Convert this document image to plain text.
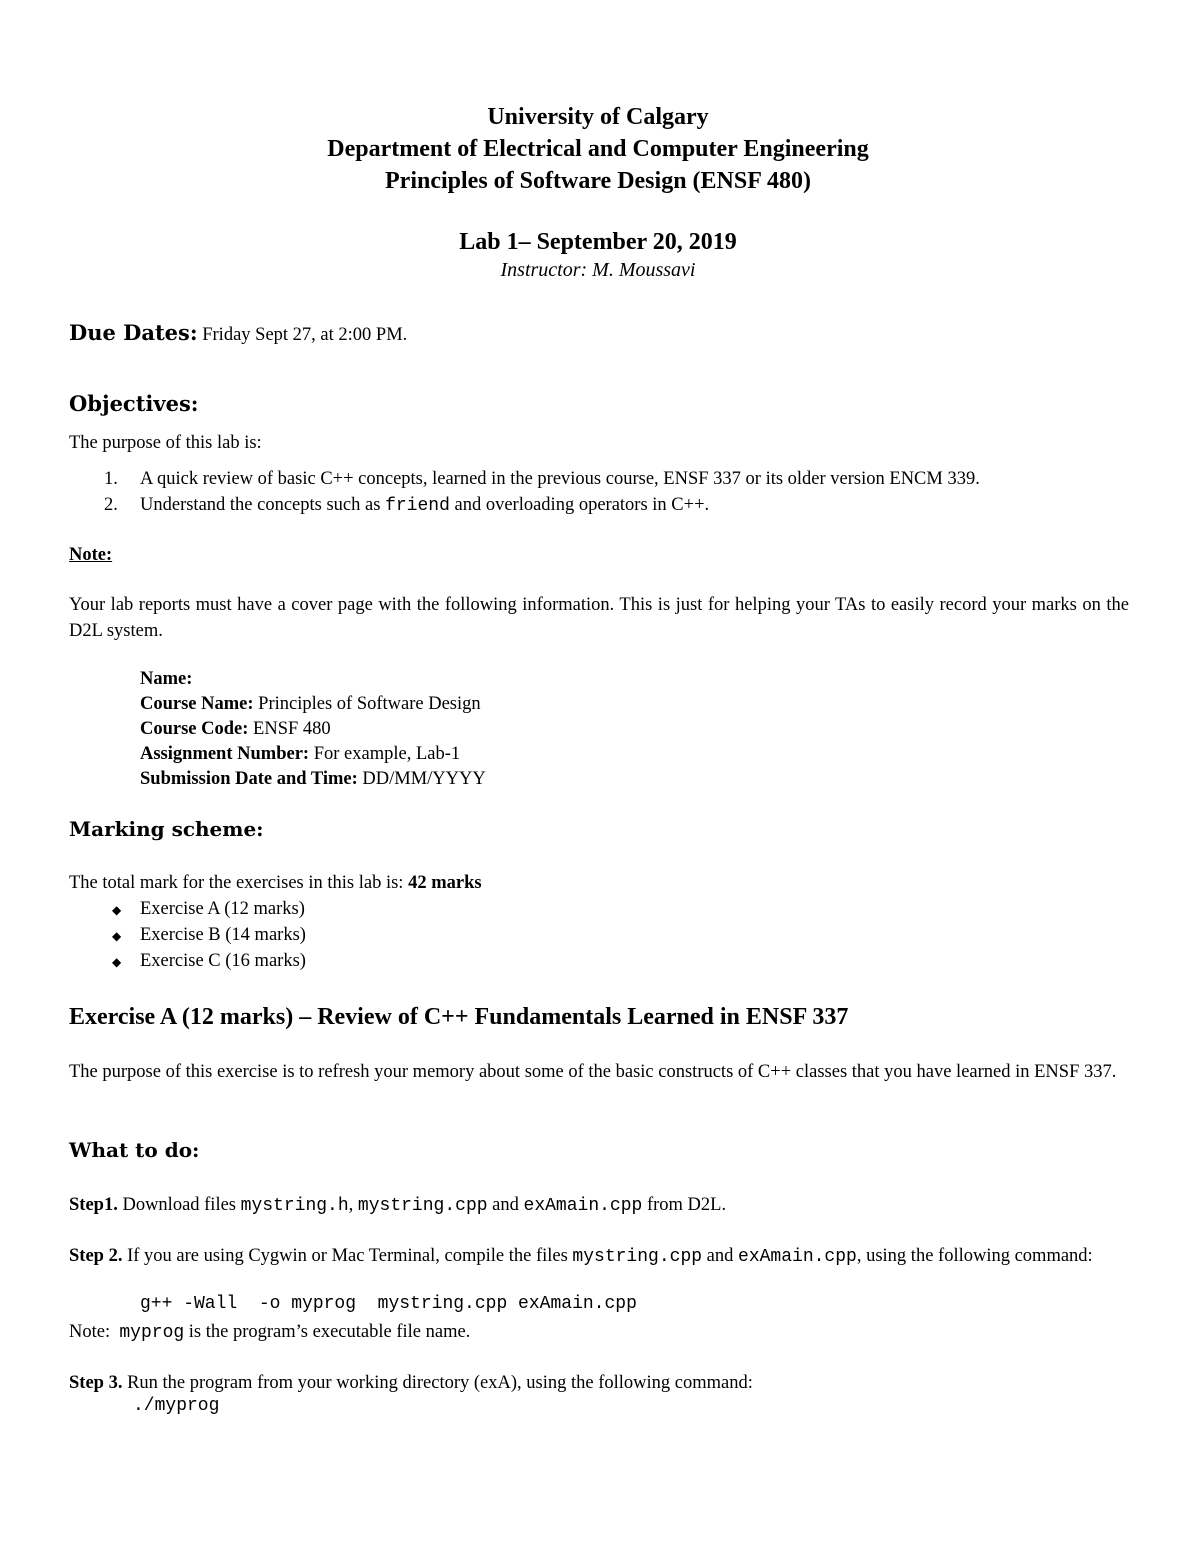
University of Calgary
Department of Electrical and Computer Engineering
Principles of Software Design (ENSF 480)
Lab 1– September 20, 2019
Instructor: M. Moussavi
Due Dates: Friday Sept 27, at 2:00 PM.
Objectives:
The purpose of this lab is:
1. A quick review of basic C++ concepts, learned in the previous course, ENSF 337 or its older version ENCM 339.
2. Understand the concepts such as friend and overloading operators in C++.
Note:
Your lab reports must have a cover page with the following information. This is just for helping your TAs to easily record your marks on the D2L system.
Name:
Course Name: Principles of Software Design
Course Code: ENSF 480
Assignment Number: For example, Lab-1
Submission Date and Time: DD/MM/YYYY
Marking scheme:
The total mark for the exercises in this lab is: 42 marks
◆ Exercise A (12 marks)
◆ Exercise B (14 marks)
◆ Exercise C (16 marks)
Exercise A (12 marks) – Review of C++ Fundamentals Learned in ENSF 337
The purpose of this exercise is to refresh your memory about some of the basic constructs of C++ classes that you have learned in ENSF 337.
What to do:
Step1. Download files mystring.h, mystring.cpp and exAmain.cpp from D2L.
Step 2. If you are using Cygwin or Mac Terminal, compile the files mystring.cpp and exAmain.cpp, using the following command:
g++ -Wall  -o myprog  mystring.cpp exAmain.cpp
Note:  myprog is the program’s executable file name.
Step 3. Run the program from your working directory (exA), using the following command:
./myprog
